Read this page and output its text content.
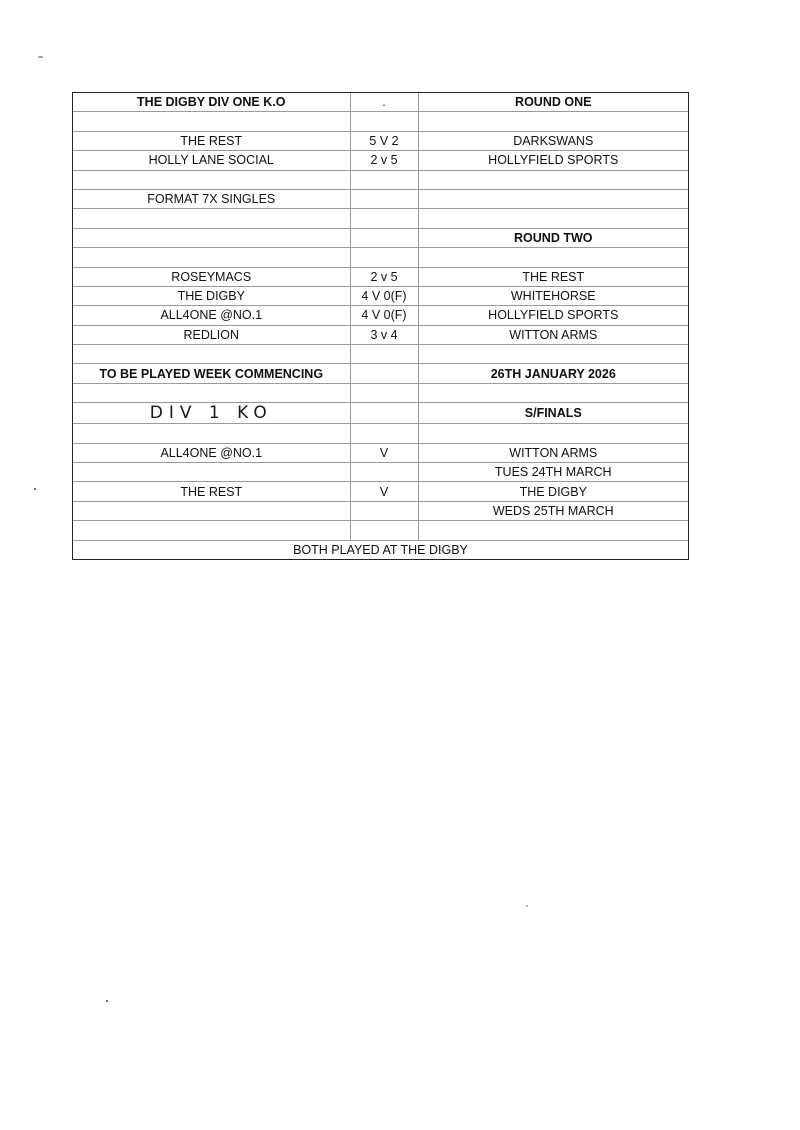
THE DIGBY DIV ONE K.O	.	ROUND ONE

THE REST	5 V 2	DARKSWANS
HOLLY LANE SOCIAL	2 v 5	HOLLYFIELD SPORTS

FORMAT 7X SINGLES		

		ROUND TWO

ROSEYMACS	2 v 5	THE REST
THE DIGBY	4 V 0(F)	WHITEHORSE
ALL4ONE @NO.1	4 V 0(F)	HOLLYFIELD SPORTS
REDLION	3 v 4	WITTON ARMS

TO BE PLAYED WEEK COMMENCING		26TH JANUARY 2026

DIV 1 KO		S/FINALS

ALL4ONE @NO.1	V	WITTON ARMS
		TUES 24TH MARCH
THE REST	V	THE DIGBY
		WEDS 25TH MARCH

BOTH PLAYED AT THE DIGBY		
